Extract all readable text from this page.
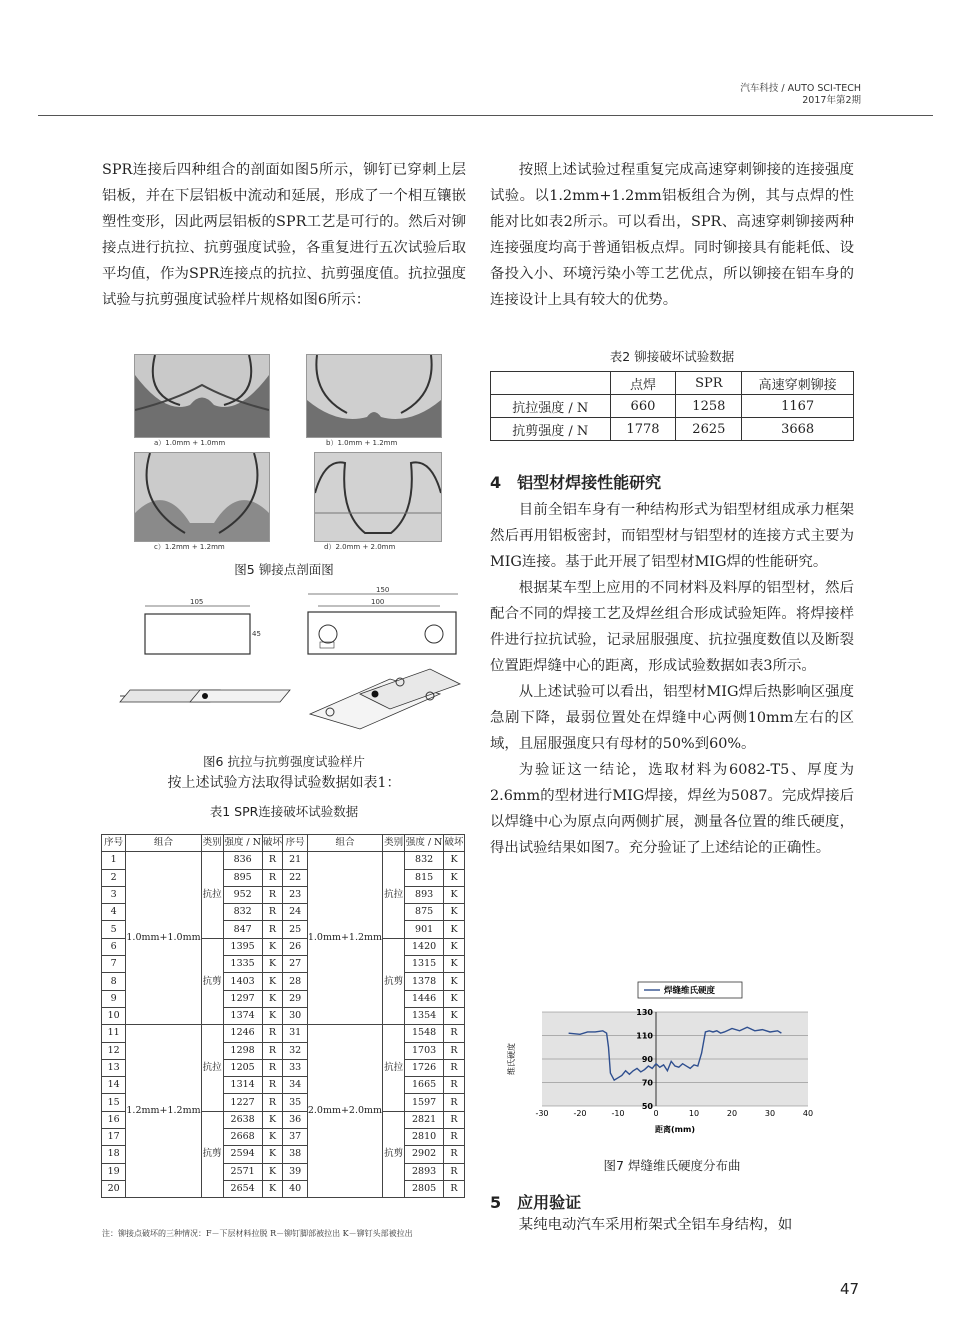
汽车科技 / AUTO SCI-TECH
2017年第2期

SPR连接后四种组合的剖面如图5所示，铆钉已穿刺上层铝板，并在下层铝板中流动和延展，形成了一个相互镶嵌塑性变形，因此两层铝板的SPR工艺是可行的。然后对铆接点进行抗拉、抗剪强度试验，各重复进行五次试验后取平均值，作为SPR连接点的抗拉、抗剪强度值。抗拉强度试验与抗剪强度试验样片规格如图6所示：

a）1.0mm + 1.0mm	b）1.0mm + 1.2mm
c）1.2mm + 1.2mm	d）2.0mm + 2.0mm
图5 铆接点剖面图
105
150
100
45
图6 抗拉与抗剪强度试验样片
按上述试验方法取得试验数据如表1：
表1 SPR连接破坏试验数据
序号	组合	类别	强度 / N	破坏	序号	组合	类别	强度 / N	破坏
1	1.0mm+1.0mm	抗拉	836	R	21	1.0mm+1.2mm	抗拉	832	K
2			895	R	22			815	K
3			952	R	23			893	K
4			832	R	24			875	K
5			847	R	25			901	K
6		抗剪	1395	K	26		抗剪	1420	K
7			1335	K	27			1315	K
8			1403	K	28			1378	K
9			1297	K	29			1446	K
10			1374	K	30			1354	K
11	1.2mm+1.2mm	抗拉	1246	R	31	2.0mm+2.0mm	抗拉	1548	R
12			1298	R	32			1703	R
13			1205	R	33			1726	R
14			1314	R	34			1665	R
15			1227	R	35			1597	R
16		抗剪	2638	K	36		抗剪	2821	R
17			2668	K	37			2810	R
18			2594	K	38			2902	R
19			2571	K	39			2893	R
20			2654	K	40			2805	R
注：铆接点破坏的三种情况：F－下层材料拉脱 R－铆钉脚部被拉出 K－铆钉头部被拉出

按照上述试验过程重复完成高速穿刺铆接的连接强度试验。以1.2mm+1.2mm铝板组合为例，其与点焊的性能对比如表2所示。可以看出，SPR、高速穿刺铆接两种连接强度均高于普通铝板点焊。同时铆接具有能耗低、设备投入小、环境污染小等工艺优点，所以铆接在铝车身的连接设计上具有较大的优势。

表2 铆接破坏试验数据
	点焊	SPR	高速穿刺铆接
抗拉强度 / N	660	1258	1167
抗剪强度 / N	1778	2625	3668
4　铝型材焊接性能研究

目前全铝车身有一种结构形式为铝型材组成承力框架然后再用铝板密封，而铝型材与铝型材的连接方式主要为MIG连接。基于此开展了铝型材MIG焊的性能研究。

根据某车型上应用的不同材料及料厚的铝型材，然后配合不同的焊接工艺及焊丝组合形成试验矩阵。将焊接样件进行拉抗试验，记录屈服强度、抗拉强度数值以及断裂位置距焊缝中心的距离，形成试验数据如表3所示。

从上述试验可以看出，铝型材MIG焊后热影响区强度急剧下降，最弱位置处在焊缝中心两侧10mm左右的区域，且屈服强度只有母材的50%到60%。

为验证这一结论，选取材料为6082-T5、厚度为2.6mm的型材进行MIG焊接，焊丝为5087。完成焊接后以焊缝中心为原点向两侧扩展，测量各位置的维氏硬度，得出试验结果如图7。充分验证了上述结论的正确性。

50
70
90
110
130
-30	-20	-10	0	10	20	30	40
距离(mm)
维氏硬度
焊缝维氏硬度
图7 焊缝维氏硬度分布曲
5　应用验证

某纯电动汽车采用桁架式全铝车身结构，如

47
